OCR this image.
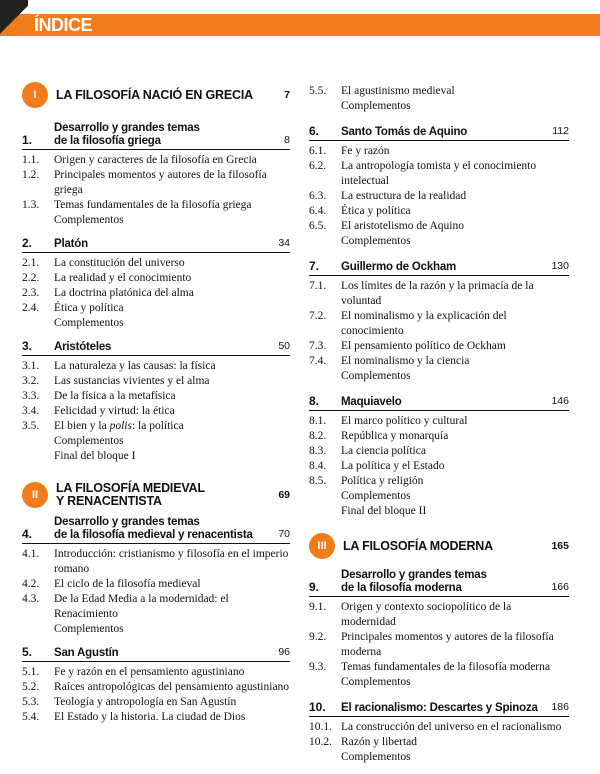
ÍNDICE
I	LA FILOSOFÍA NACIÓ EN GRECIA	7
1.
Desarrollo y grandes temas
de la filosofía griega	8
1.1.	Origen y caracteres de la filosofía en Grecia
1.2.	Principales momentos y autores de la filosofía griega
1.3.	Temas fundamentales de la filosofía griega
Complementos
2.	Platón	34
2.1.	La constitución del universo
2.2.	La realidad y el conocimiento
2.3.	La doctrina platónica del alma
2.4.	Ética y política
Complementos
3.	Aristóteles	50
3.1.	La naturaleza y las causas: la física
3.2.	Las sustancias vivientes y el alma
3.3.	De la física a la metafísica
3.4.	Felicidad y virtud: la ética
3.5.	El bien y la polis: la política
Complementos
Final del bloque I
II	LA FILOSOFÍA MEDIEVAL
Y RENACENTISTA	69
4.
Desarrollo y grandes temas
de la filosofía medieval y renacentista	70
4.1.	Introducción: cristianismo y filosofía en el imperio romano
4.2.	El ciclo de la filosofía medieval
4.3.	De la Edad Media a la modernidad: el Renacimiento
Complementos
5.	San Agustín	96
5.1.	Fe y razón en el pensamiento agustiniano
5.2.	Raíces antropológicas del pensamiento agustiniano
5.3.	Teología y antropología en San Agustín
5.4.	El Estado y la historia. La ciudad de Dios
5.5.	El agustinismo medieval
Complementos
6.	Santo Tomás de Aquino	112
6.1.	Fe y razón
6.2.	La antropología tomista y el conocimiento intelectual
6.3.	La estructura de la realidad
6.4.	Ética y política
6.5.	El aristotelismo de Aquino
Complementos
7.	Guillermo de Ockham	130
7.1.	Los límites de la razón y la primacía de la voluntad
7.2.	El nominalismo y la explicación del conocimiento
7.3.	El pensamiento político de Ockham
7.4.	El nominalismo y la ciencia
Complementos
8.	Maquiavelo	146
8.1.	El marco político y cultural
8.2.	República y monarquía
8.3.	La ciencia política
8.4.	La política y el Estado
8.5.	Política y religión
Complementos
Final del bloque II
III	LA FILOSOFÍA MODERNA	165
9.
Desarrollo y grandes temas
de la filosofía moderna	166
9.1.	Origen y contexto sociopolítico de la modernidad
9.2.	Principales momentos y autores de la filosofía moderna
9.3.	Temas fundamentales de la filosofía moderna
Complementos
10.	El racionalismo: Descartes y Spinoza	186
10.1. La construcción del universo en el racionalismo
10.2. Razón y libertad
Complementos
